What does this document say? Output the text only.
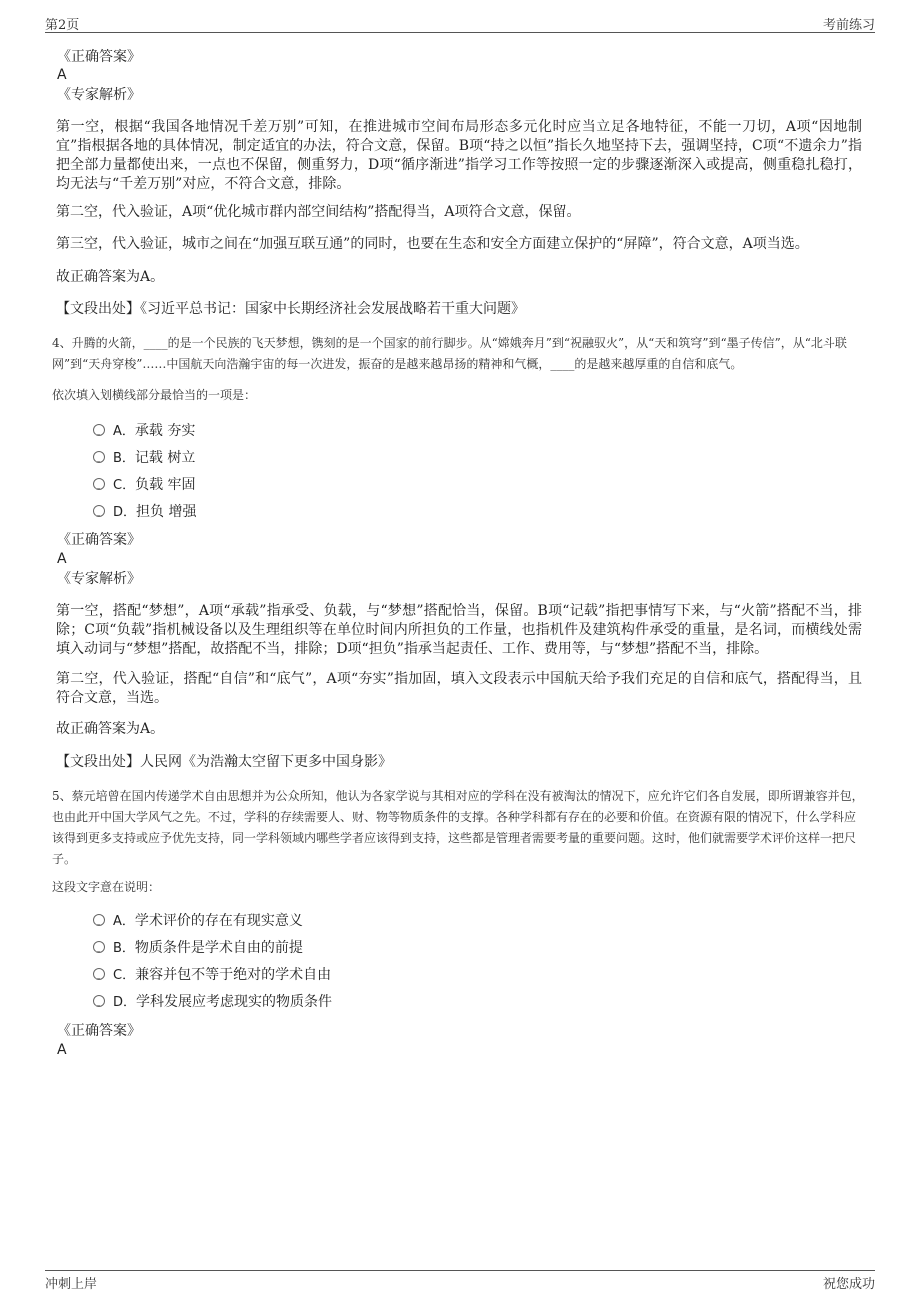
第2页	考前练习
《正确答案》
A
《专家解析》
第一空，根据“我国各地情况千差万别”可知，在推进城市空间布局形态多元化时应当立足各地特征，不能一刀切，A项“因地制宜”指根据各地的具体情况，制定适宜的办法，符合文意，保留。B项“持之以恒”指长久地坚持下去，强调坚持，C项“不遗余力”指把全部力量都使出来，一点也不保留，侧重努力，D项“循序渐进”指学习工作等按照一定的步骤逐渐深入或提高，侧重稳扎稳打，均无法与“千差万别”对应，不符合文意，排除。
第二空，代入验证，A项“优化城市群内部空间结构”搭配得当，A项符合文意，保留。
第三空，代入验证，城市之间在“加强互联互通”的同时，也要在生态和安全方面建立保护的“屏障”，符合文意，A项当选。
故正确答案为A。
【文段出处】《习近平总书记：国家中长期经济社会发展战略若干重大问题》
4、升腾的火箭，____的是一个民族的飞天梦想，镌刻的是一个国家的前行脚步。从“嫦娥奔月”到“祝融驭火”，从“天和筑穹”到“墨子传信”，从“北斗联网”到“天舟穿梭”……中国航天向浩瀚宇宙的每一次进发，振奋的是越来越昂扬的精神和气概，____的是越来越厚重的自信和底气。
依次填入划横线部分最恰当的一项是：
A．承载 夯实
B．记载 树立
C．负载 牢固
D．担负 增强
《正确答案》
A
《专家解析》
第一空，搭配“梦想”，A项“承载”指承受、负载，与“梦想”搭配恰当，保留。B项“记载”指把事情写下来，与“火箭”搭配不当，排除；C项“负载”指机械设备以及生理组织等在单位时间内所担负的工作量，也指机件及建筑构件承受的重量，是名词，而横线处需填入动词与“梦想”搭配，故搭配不当，排除；D项“担负”指承当起责任、工作、费用等，与“梦想”搭配不当，排除。
第二空，代入验证，搭配“自信”和“底气”，A项“夯实”指加固，填入文段表示中国航天给予我们充足的自信和底气，搭配得当，且符合文意，当选。
故正确答案为A。
【文段出处】人民网《为浩瀚太空留下更多中国身影》
5、蔡元培曾在国内传递学术自由思想并为公众所知，他认为各家学说与其相对应的学科在没有被淘汰的情况下，应允许它们各自发展，即所谓兼容并包，也由此开中国大学风气之先。不过，学科的存续需要人、财、物等物质条件的支撑。各种学科都有存在的必要和价值。在资源有限的情况下，什么学科应该得到更多支持或应予优先支持，同一学科领域内哪些学者应该得到支持，这些都是管理者需要考量的重要问题。这时，他们就需要学术评价这样一把尺子。
这段文字意在说明：
A．学术评价的存在有现实意义
B．物质条件是学术自由的前提
C．兼容并包不等于绝对的学术自由
D．学科发展应考虑现实的物质条件
《正确答案》
A
冲刺上岸	祝您成功
